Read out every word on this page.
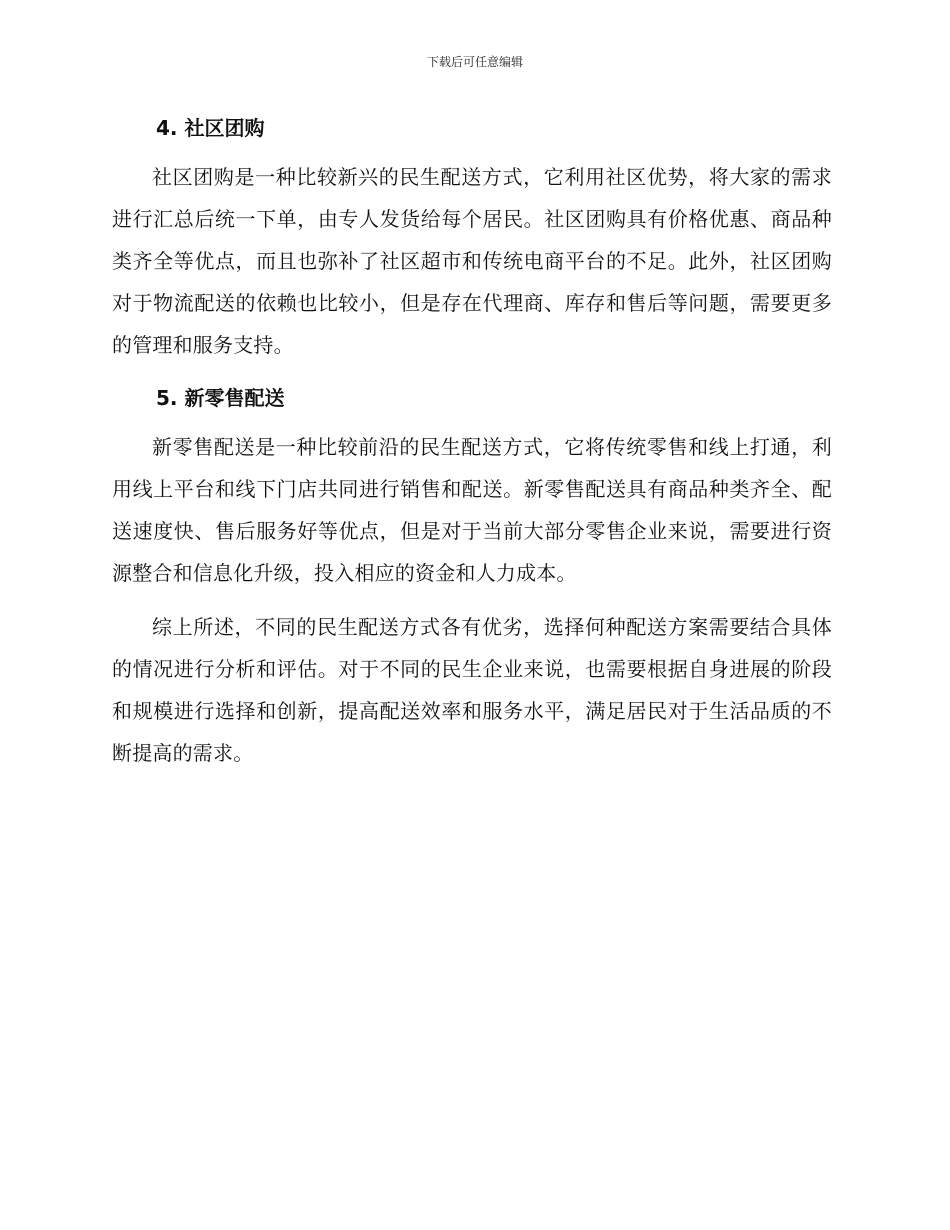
下载后可任意编辑
4. 社区团购

社区团购是一种比较新兴的民生配送方式，它利用社区优势，将大家的需求进行汇总后统一下单，由专人发货给每个居民。社区团购具有价格优惠、商品种类齐全等优点，而且也弥补了社区超市和传统电商平台的不足。此外，社区团购对于物流配送的依赖也比较小，但是存在代理商、库存和售后等问题，需要更多的管理和服务支持。

5. 新零售配送

新零售配送是一种比较前沿的民生配送方式，它将传统零售和线上打通，利用线上平台和线下门店共同进行销售和配送。新零售配送具有商品种类齐全、配送速度快、售后服务好等优点，但是对于当前大部分零售企业来说，需要进行资源整合和信息化升级，投入相应的资金和人力成本。

综上所述，不同的民生配送方式各有优劣，选择何种配送方案需要结合具体的情况进行分析和评估。对于不同的民生企业来说，也需要根据自身进展的阶段和规模进行选择和创新，提高配送效率和服务水平，满足居民对于生活品质的不断提高的需求。
